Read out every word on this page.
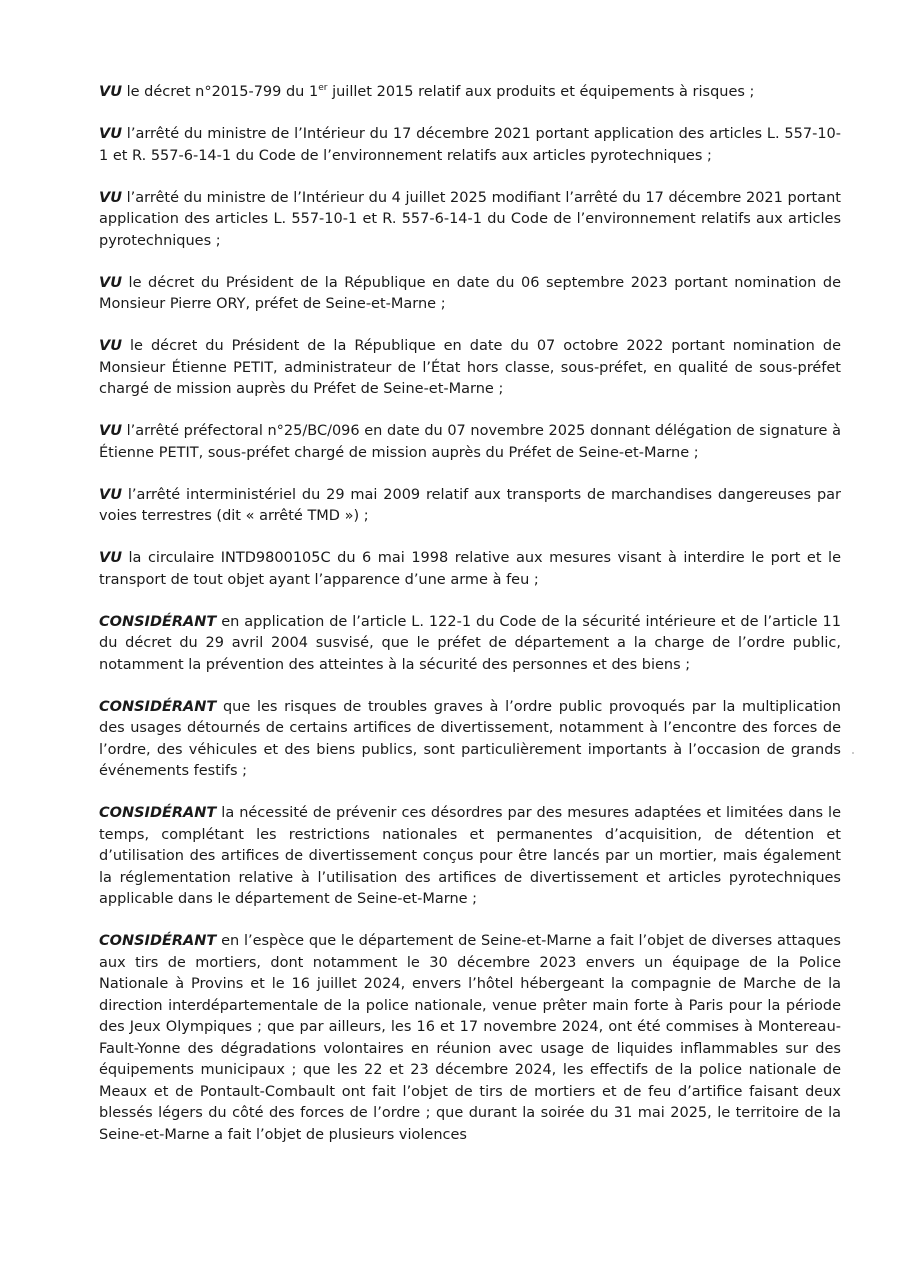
VU le décret n°2015-799 du 1er juillet 2015 relatif aux produits et équipements à risques ;

VU l’arrêté du ministre de l’Intérieur du 17 décembre 2021 portant application des articles L. 557-10-1 et R. 557-6-14-1 du Code de l’environnement relatifs aux articles pyrotechniques ;

VU l’arrêté du ministre de l’Intérieur du 4 juillet 2025 modifiant l’arrêté du 17 décembre 2021 portant application des articles L. 557-10-1 et R. 557-6-14-1 du Code de l’environnement relatifs aux articles pyrotechniques ;

VU le décret du Président de la République en date du 06 septembre 2023 portant nomination de Monsieur Pierre ORY, préfet de Seine-et-Marne ;

VU le décret du Président de la République en date du 07 octobre 2022 portant nomination de Monsieur Étienne PETIT, administrateur de l’État hors classe, sous-préfet, en qualité de sous-préfet chargé de mission auprès du Préfet de Seine-et-Marne ;

VU l’arrêté préfectoral n°25/BC/096 en date du 07 novembre 2025 donnant délégation de signature à Étienne PETIT, sous-préfet chargé de mission auprès du Préfet de Seine-et-Marne ;

VU l’arrêté interministériel du 29 mai 2009 relatif aux transports de marchandises dangereuses par voies terrestres (dit « arrêté TMD ») ;

VU la circulaire INTD9800105C du 6 mai 1998 relative aux mesures visant à interdire le port et le transport de tout objet ayant l’apparence d’une arme à feu ;

CONSIDÉRANT en application de l’article L. 122-1 du Code de la sécurité intérieure et de l’article 11 du décret du 29 avril 2004 susvisé, que le préfet de département a la charge de l’ordre public, notamment la prévention des atteintes à la sécurité des personnes et des biens ;

CONSIDÉRANT que les risques de troubles graves à l’ordre public provoqués par la multiplication des usages détournés de certains artifices de divertissement, notamment à l’encontre des forces de l’ordre, des véhicules et des biens publics, sont particulièrement importants à l’occasion de grands événements festifs ;

CONSIDÉRANT la nécessité de prévenir ces désordres par des mesures adaptées et limitées dans le temps, complétant les restrictions nationales et permanentes d’acquisition, de détention et d’utilisation des artifices de divertissement conçus pour être lancés par un mortier, mais également la réglementation relative à l’utilisation des artifices de divertissement et articles pyrotechniques applicable dans le département de Seine-et-Marne ;

CONSIDÉRANT en l’espèce que le département de Seine-et-Marne a fait l’objet de diverses attaques aux tirs de mortiers, dont notamment le 30 décembre 2023 envers un équipage de la Police Nationale à Provins et le 16 juillet 2024, envers l’hôtel hébergeant la compagnie de Marche de la direction interdépartementale de la police nationale, venue prêter main forte à Paris pour la période des Jeux Olympiques ; que par ailleurs, les 16 et 17 novembre 2024, ont été commises à Montereau-Fault-Yonne des dégradations volontaires en réunion avec usage de liquides inflammables sur des équipements municipaux ; que les 22 et 23 décembre 2024, les effectifs de la police nationale de Meaux et de Pontault-Combault ont fait l’objet de tirs de mortiers et de feu d’artifice faisant deux blessés légers du côté des forces de l’ordre ; que durant la soirée du 31 mai 2025, le territoire de la Seine-et-Marne a fait l’objet de plusieurs violences
